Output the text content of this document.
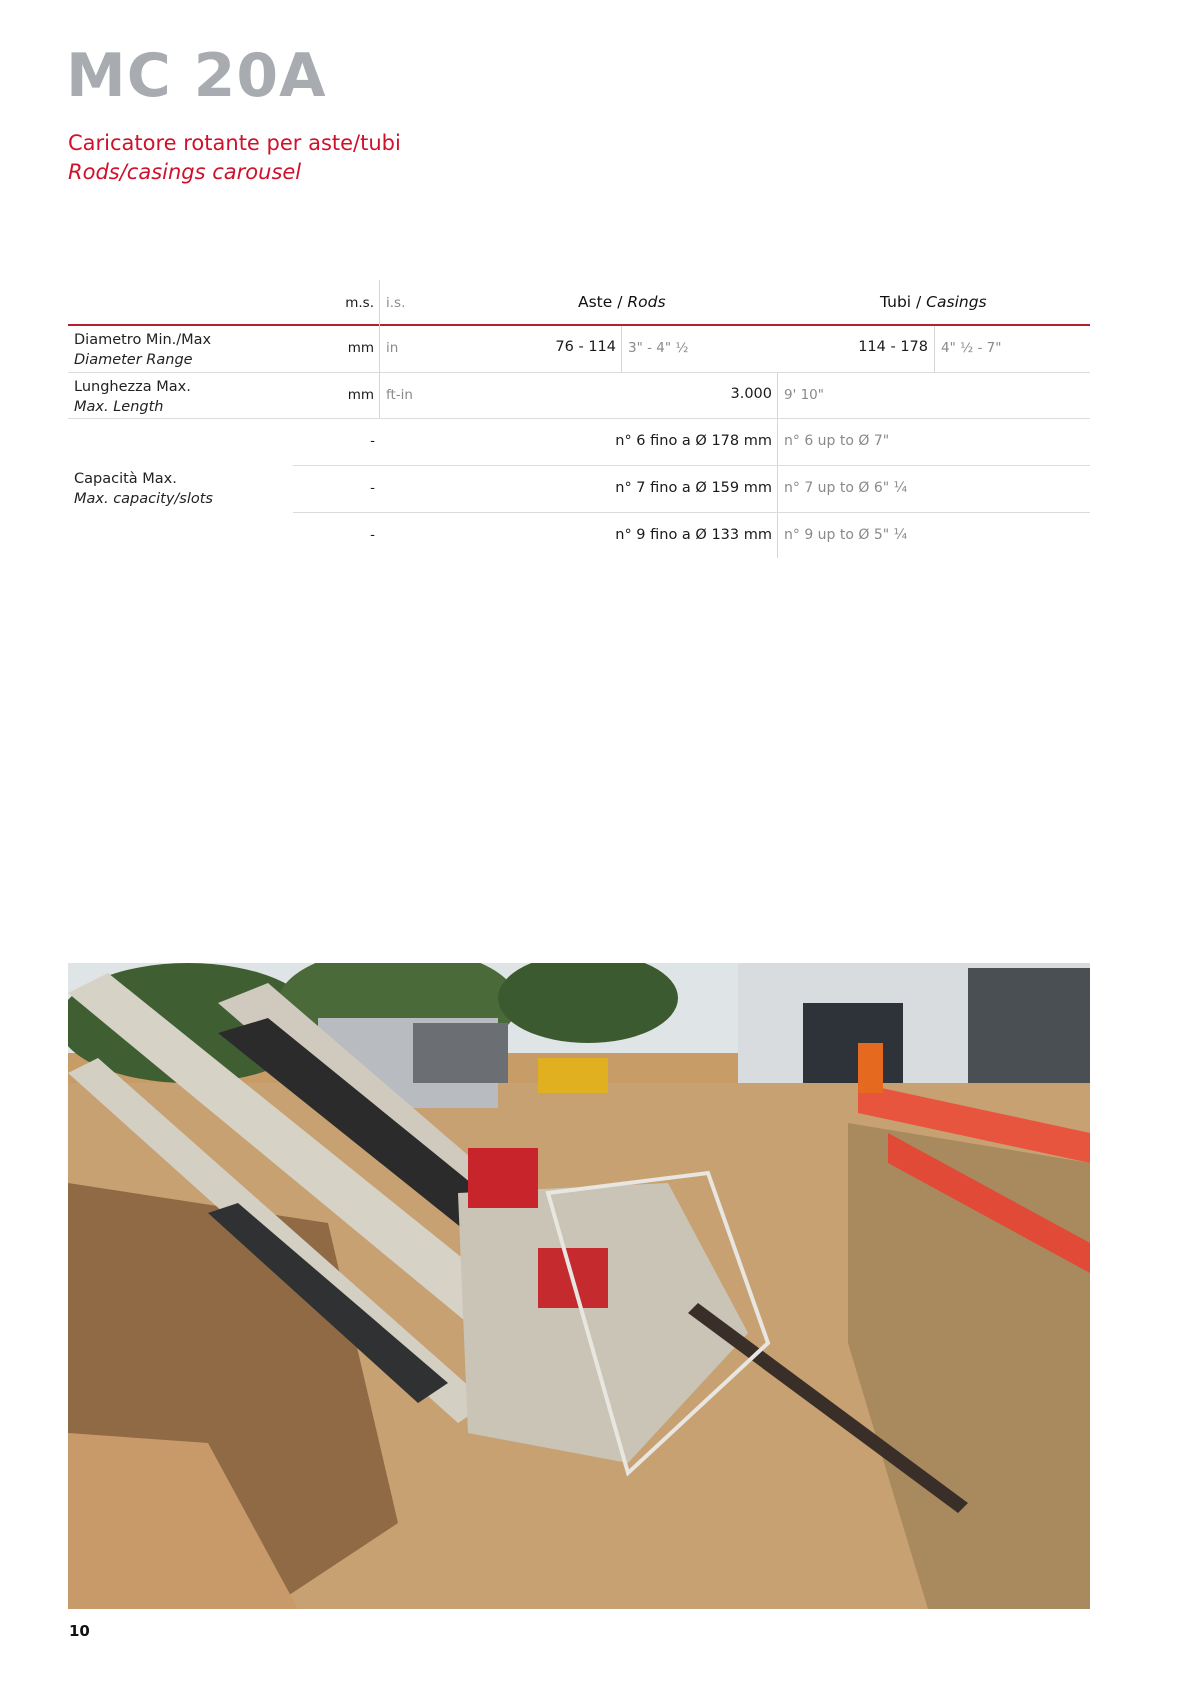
MC 20A

Caricatore rotante per aste/tubi

Rods/casings carousel

m.s. i.s.	Aste / Rods	Tubi / Casings
Diametro Min./Max
Diameter Range
mm in	76 - 114 3" - 4" ½	114 - 178 4" ½ - 7"
Lunghezza Max.
Max. Length
mm ft-in	3.000 9' 10"
Capacità Max.
Max. capacity/slots
-	n° 6 fino a Ø 178 mm n° 6 up to Ø 7"
-	n° 7 fino a Ø 159 mm n° 7 up to Ø 6" ¼
-	n° 9 fino a Ø 133 mm n° 9 up to Ø 5" ¼
10
